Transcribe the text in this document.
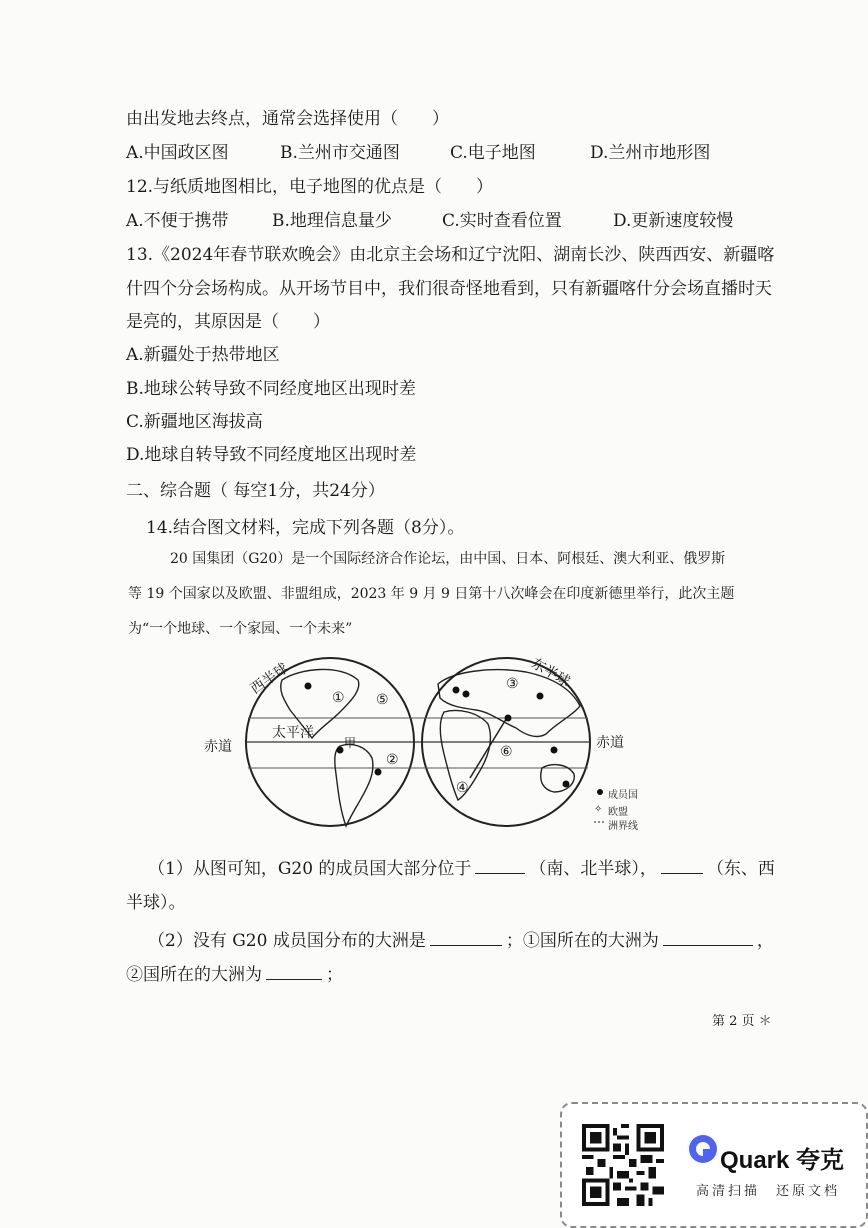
由出发地去终点，通常会选择使用（　　）
A.中国政区图	B.兰州市交通图	C.电子地图	D.兰州市地形图
12.与纸质地图相比，电子地图的优点是（　　）
A.不便于携带	B.地理信息量少	C.实时查看位置	D.更新速度较慢
13.《2024年春节联欢晚会》由北京主会场和辽宁沈阳、湖南长沙、陕西西安、新疆喀
什四个分会场构成。从开场节目中，我们很奇怪地看到，只有新疆喀什分会场直播时天
是亮的，其原因是（　　）
A.新疆处于热带地区
B.地球公转导致不同经度地区出现时差
C.新疆地区海拔高
D.地球自转导致不同经度地区出现时差
二、综合题（ 每空1分，共24分）
14.结合图文材料，完成下列各题（8分）。
20 国集团（G20）是一个国际经济合作论坛，由中国、日本、阿根廷、澳大利亚、俄罗斯
等 19 个国家以及欧盟、非盟组成，2023 年 9 月 9 日第十八次峰会在印度新德里举行，此次主题
为“一个地球、一个家园、一个未来”
✧
西半球	东半球
太平洋
甲
赤道	赤道
①
②
③
④
⑤
⑥
成员国
欧盟
洲界线
（1）从图可知，G20 的成员国大部分位于	（南、北半球），	（东、西
半球）。
（2）没有 G20 成员国分布的大洲是	；①国所在的大洲为	，
②国所在的大洲为	；
第 2 页 ＊
Quark 夸克
高清扫描　还原文档
